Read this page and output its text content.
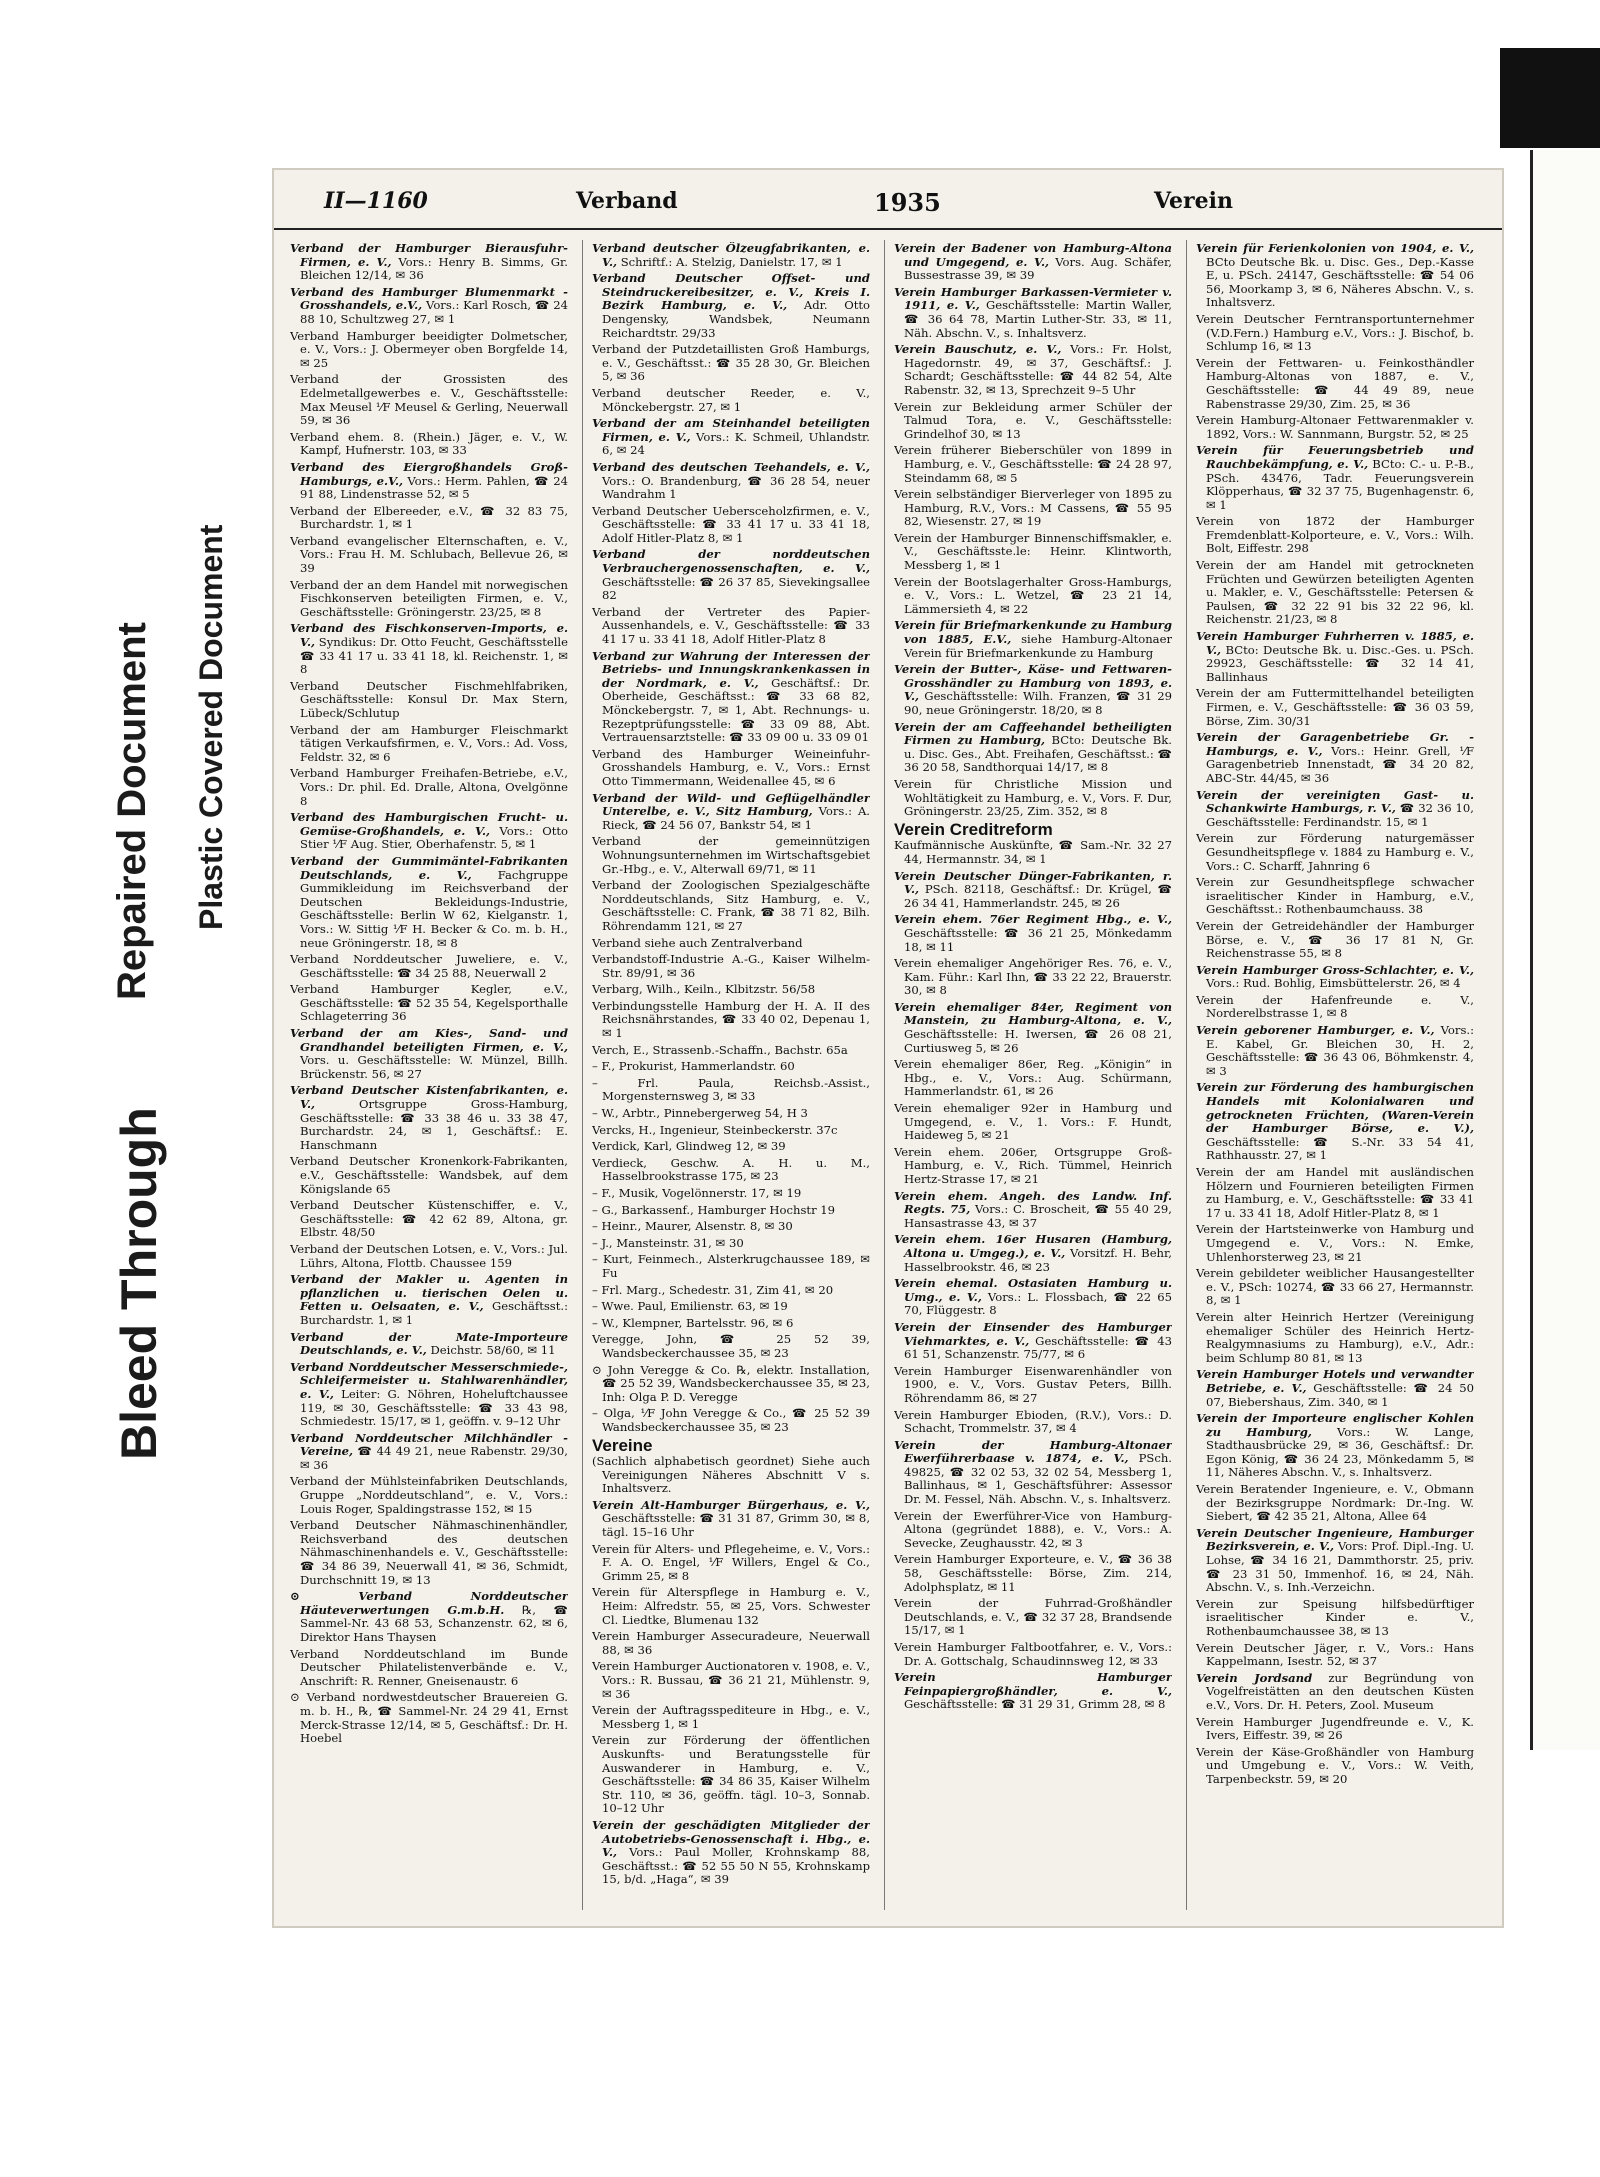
Bleed Through
Repaired Document Plastic Covered Document
II—1160	Verband	1935	Verein
Verband der Hamburger Bierausfuhr-Firmen, e. V., Vors.: Henry B. Simms, Gr. Bleichen 12/14, ✉ 36
Verband des Hamburger Blumenmarkt - Grosshandels, e.V., Vors.: Karl Rosch, ☎ 24 88 10, Schultzweg 27, ✉ 1
Verband Hamburger beeidigter Dolmetscher, e. V., Vors.: J. Obermeyer oben Borgfelde 14, ✉ 25
Verband der Grossisten des Edelmetallgewerbes e. V., Geschäftsstelle: Max Meusel ⅟F Meusel & Gerling, Neuerwall 59, ✉ 36
Verband ehem. 8. (Rhein.) Jäger, e. V., W. Kampf, Hufnerstr. 103, ✉ 33
Verband des Eiergroßhandels Groß-Hamburgs, e.V., Vors.: Herm. Pahlen, ☎ 24 91 88, Lindenstrasse 52, ✉ 5
Verband der Elbereeder, e.V., ☎ 32 83 75, Burchardstr. 1, ✉ 1
Verband evangelischer Elternschaften, e. V., Vors.: Frau H. M. Schlubach, Bellevue 26, ✉ 39
Verband der an dem Handel mit norwegischen Fischkonserven beteiligten Firmen, e. V., Geschäftsstelle: Gröningerstr. 23/25, ✉ 8
Verband des Fischkonserven-Imports, e. V., Syndikus: Dr. Otto Feucht, Geschäftsstelle ☎ 33 41 17 u. 33 41 18, kl. Reichenstr. 1, ✉ 8
Verband Deutscher Fischmehlfabriken, Geschäftsstelle: Konsul Dr. Max Stern, Lübeck/Schlutup
Verband der am Hamburger Fleischmarkt tätigen Verkaufsfirmen, e. V., Vors.: Ad. Voss, Feldstr. 32, ✉ 6
Verband Hamburger Freihafen-Betriebe, e.V., Vors.: Dr. phil. Ed. Dralle, Altona, Ovelgönne 8
Verband des Hamburgischen Frucht- u. Gemüse-Großhandels, e. V., Vors.: Otto Stier ⅟F Aug. Stier, Oberhafenstr. 5, ✉ 1
Verband der Gummimäntel-Fabrikanten Deutschlands, e. V., Fachgruppe Gummikleidung im Reichsverband der Deutschen Bekleidungs-Industrie, Geschäftsstelle: Berlin W 62, Kielganstr. 1, Vors.: W. Sittig ⅟F H. Becker & Co. m. b. H., neue Gröningerstr. 18, ✉ 8
Verband Norddeutscher Juweliere, e. V., Geschäftsstelle: ☎ 34 25 88, Neuerwall 2
Verband Hamburger Kegler, e.V., Geschäftsstelle: ☎ 52 35 54, Kegelsporthalle Schlageterring 36
Verband der am Kies-, Sand- und Grandhandel beteiligten Firmen, e. V., Vors. u. Geschäftsstelle: W. Münzel, Billh. Brückenstr. 56, ✉ 27
Verband Deutscher Kistenfabrikanten, e. V., Ortsgruppe Gross-Hamburg, Geschäftsstelle: ☎ 33 38 46 u. 33 38 47, Burchardstr. 24, ✉ 1, Geschäftsf.: E. Hanschmann
Verband Deutscher Kronenkork-Fabrikanten, e.V., Geschäftsstelle: Wandsbek, auf dem Königslande 65
Verband Deutscher Küstenschiffer, e. V., Geschäftsstelle: ☎ 42 62 89, Altona, gr. Elbstr. 48/50
Verband der Deutschen Lotsen, e. V., Vors.: Jul. Lührs, Altona, Flottb. Chaussee 159
Verband der Makler u. Agenten in pflanzlichen u. tierischen Oelen u. Fetten u. Oelsaaten, e. V., Geschäftsst.: Burchardstr. 1, ✉ 1
Verband der Mate-Importeure Deutschlands, e. V., Deichstr. 58/60, ✉ 11
Verband Norddeutscher Messerschmiede-, Schleifermeister u. Stahlwarenhändler, e. V., Leiter: G. Nöhren, Hoheluftchaussee 119, ✉ 30, Geschäftsstelle: ☎ 33 43 98, Schmiedestr. 15/17, ✉ 1, geöffn. v. 9–12 Uhr
Verband Norddeutscher Milchhändler - Vereine, ☎ 44 49 21, neue Rabenstr. 29/30, ✉ 36
Verband der Mühlsteinfabriken Deutschlands, Gruppe „Norddeutschland“, e. V., Vors.: Louis Roger, Spaldingstrasse 152, ✉ 15
Verband Deutscher Nähmaschinenhändler, Reichsverband des deutschen Nähmaschinenhandels e. V., Geschäftsstelle: ☎ 34 86 39, Neuerwall 41, ✉ 36, Schmidt, Durchschnitt 19, ✉ 13
⊙ Verband Norddeutscher Häuteverwertungen G.m.b.H. ℞, ☎ Sammel-Nr. 43 68 53, Schanzenstr. 62, ✉ 6, Direktor Hans Thaysen
Verband Norddeutschland im Bunde Deutscher Philatelistenverbände e. V., Anschrift: R. Renner, Gneisenaustr. 6
⊙ Verband nordwestdeutscher Brauereien G. m. b. H., ℞, ☎ Sammel-Nr. 24 29 41, Ernst Merck-Strasse 12/14, ✉ 5, Geschäftsf.: Dr. H. Hoebel
Verband deutscher Ölzeugfabrikanten, e. V., Schriftf.: A. Stelzig, Danielstr. 17, ✉ 1
Verband Deutscher Offset- und Steindruckereibesitzer, e. V., Kreis I. Bezirk Hamburg, e. V., Adr. Otto Dengensky, Wandsbek, Neumann Reichardtstr. 29/33
Verband der Putzdetaillisten Groß Hamburgs, e. V., Geschäftsst.: ☎ 35 28 30, Gr. Bleichen 5, ✉ 36
Verband deutscher Reeder, e. V., Mönckebergstr. 27, ✉ 1
Verband der am Steinhandel beteiligten Firmen, e. V., Vors.: K. Schmeil, Uhlandstr. 6, ✉ 24
Verband des deutschen Teehandels, e. V., Vors.: O. Brandenburg, ☎ 36 28 54, neuer Wandrahm 1
Verband Deutscher Uebersceholzfirmen, e. V., Geschäftsstelle: ☎ 33 41 17 u. 33 41 18, Adolf Hitler-Platz 8, ✉ 1
Verband der norddeutschen Verbrauchergenossenschaften, e. V., Geschäftsstelle: ☎ 26 37 85, Sievekingsallee 82
Verband der Vertreter des Papier-Aussenhandels, e. V., Geschäftsstelle: ☎ 33 41 17 u. 33 41 18, Adolf Hitler-Platz 8
Verband zur Wahrung der Interessen der Betriebs- und Innungskrankenkassen in der Nordmark, e. V., Geschäftsf.: Dr. Oberheide, Geschäftsst.: ☎ 33 68 82, Mönckebergstr. 7, ✉ 1, Abt. Rechnungs- u. Rezeptprüfungsstelle: ☎ 33 09 88, Abt. Vertrauensarztstelle: ☎ 33 09 00 u. 33 09 01
Verband des Hamburger Weineinfuhr-Grosshandels Hamburg, e. V., Vors.: Ernst Otto Timmermann, Weidenallee 45, ✉ 6
Verband der Wild- und Geflügelhändler Unterelbe, e. V., Sitz Hamburg, Vors.: A. Rieck, ☎ 24 56 07, Bankstr 54, ✉ 1
Verband der gemeinnützigen Wohnungsunternehmen im Wirtschaftsgebiet Gr.-Hbg., e. V., Alterwall 69/71, ✉ 11
Verband der Zoologischen Spezialgeschäfte Norddeutschlands, Sitz Hamburg, e. V., Geschäftsstelle: C. Frank, ☎ 38 71 82, Bilh. Röhrendamm 121, ✉ 27
Verband siehe auch Zentralverband
Verbandstoff-Industrie A.-G., Kaiser Wilhelm-Str. 89/91, ✉ 36
Verbarg, Wilh., Keiln., Klbitzstr. 56/58
Verbindungsstelle Hamburg der H. A. II des Reichsnährstandes, ☎ 33 40 02, Depenau 1, ✉ 1
Verch, E., Strassenb.-Schaffn., Bachstr. 65a
– F., Prokurist, Hammerlandstr. 60
– Frl. Paula, Reichsb.-Assist., Morgensternsweg 3, ✉ 33
– W., Arbtr., Pinnebergerweg 54, H 3
Vercks, H., Ingenieur, Steinbeckerstr. 37c
Verdick, Karl, Glindweg 12, ✉ 39
Verdieck, Geschw. A. H. u. M., Hasselbrookstrasse 175, ✉ 23
– F., Musik, Vogelönnerstr. 17, ✉ 19
– G., Barkassenf., Hamburger Hochstr 19
– Heinr., Maurer, Alsenstr. 8, ✉ 30
– J., Mansteinstr. 31, ✉ 30
– Kurt, Feinmech., Alsterkrugchaussee 189, ✉ Fu
– Frl. Marg., Schedestr. 31, Zim 41, ✉ 20
– Wwe. Paul, Emilienstr. 63, ✉ 19
– W., Klempner, Bartelsstr. 96, ✉ 6
Veregge, John, ☎ 25 52 39, Wandsbeckerchaussee 35, ✉ 23
⊙ John Veregge & Co. ℞, elektr. Installation, ☎ 25 52 39, Wandsbeckerchaussee 35, ✉ 23, Inh: Olga P. D. Veregge
– Olga, ⅟F John Veregge & Co., ☎ 25 52 39 Wandsbeckerchaussee 35, ✉ 23
Vereine
(Sachlich alphabetisch geordnet) Siehe auch Vereinigungen Näheres Abschnitt V s. Inhaltsverz.
Verein Alt-Hamburger Bürgerhaus, e. V., Geschäftsstelle: ☎ 31 31 87, Grimm 30, ✉ 8, tägl. 15–16 Uhr
Verein für Alters- und Pflegeheime, e. V., Vors.: F. A. O. Engel, ⅟F Willers, Engel & Co., Grimm 25, ✉ 8
Verein für Alterspflege in Hamburg e. V., Heim: Alfredstr. 55, ✉ 25, Vors. Schwester Cl. Liedtke, Blumenau 132
Verein Hamburger Assecuradeure, Neuerwall 88, ✉ 36
Verein Hamburger Auctionatoren v. 1908, e. V., Vors.: R. Bussau, ☎ 36 21 21, Mühlenstr. 9, ✉ 36
Verein der Auftragsspediteure in Hbg., e. V., Messberg 1, ✉ 1
Verein zur Förderung der öffentlichen Auskunfts- und Beratungsstelle für Auswanderer in Hamburg, e. V., Geschäftsstelle: ☎ 34 86 35, Kaiser Wilhelm Str. 110, ✉ 36, geöffn. tägl. 10–3, Sonnab. 10–12 Uhr
Verein der geschädigten Mitglieder der Autobetriebs-Genossenschaft i. Hbg., e. V., Vors.: Paul Moller, Krohnskamp 88, Geschäftsst.: ☎ 52 55 50 N 55, Krohnskamp 15, b/d. „Haga“, ✉ 39
Verein der Badener von Hamburg-Altona und Umgegend, e. V., Vors. Aug. Schäfer, Bussestrasse 39, ✉ 39
Verein Hamburger Barkassen-Vermieter v. 1911, e. V., Geschäftsstelle: Martin Waller, ☎ 36 64 78, Martin Luther-Str. 33, ✉ 11, Näh. Abschn. V., s. Inhaltsverz.
Verein Bauschutz, e. V., Vors.: Fr. Holst, Hagedornstr. 49, ✉ 37, Geschäftsf.: J. Schardt; Geschäftsstelle: ☎ 44 82 54, Alte Rabenstr. 32, ✉ 13, Sprechzeit 9–5 Uhr
Verein zur Bekleidung armer Schüler der Talmud Tora, e. V., Geschäftsstelle: Grindelhof 30, ✉ 13
Verein früherer Bieberschüler von 1899 in Hamburg, e. V., Geschäftsstelle: ☎ 24 28 97, Steindamm 68, ✉ 5
Verein selbständiger Bierverleger von 1895 zu Hamburg, R.V., Vors.: M Cassens, ☎ 55 95 82, Wiesenstr. 27, ✉ 19
Verein der Hamburger Binnenschiffsmakler, e. V., Geschäftsste.le: Heinr. Klintworth, Messberg 1, ✉ 1
Verein der Bootslagerhalter Gross-Hamburgs, e. V., Vors.: L. Wetzel, ☎ 23 21 14, Lämmersieth 4, ✉ 22
Verein für Briefmarkenkunde zu Hamburg von 1885, E.V., siehe Hamburg-Altonaer Verein für Briefmarkenkunde zu Hamburg
Verein der Butter-, Käse- und Fettwaren-Grosshändler zu Hamburg von 1893, e. V., Geschäftsstelle: Wilh. Franzen, ☎ 31 29 90, neue Gröningerstr. 18/20, ✉ 8
Verein der am Caffeehandel betheiligten Firmen zu Hamburg, BCto: Deutsche Bk. u. Disc. Ges., Abt. Freihafen, Geschäftsst.: ☎ 36 20 58, Sandthorquai 14/17, ✉ 8
Verein für Christliche Mission und Wohltätigkeit zu Hamburg, e. V., Vors. F. Dur, Gröningerstr. 23/25, Zim. 352, ✉ 8
Verein Creditreform
Kaufmännische Auskünfte, ☎ Sam.-Nr. 32 27 44, Hermannstr. 34, ✉ 1
Verein Deutscher Dünger-Fabrikanten, r. V., PSch. 82118, Geschäftsf.: Dr. Krügel, ☎ 26 34 41, Hammerlandstr. 245, ✉ 26
Verein ehem. 76er Regiment Hbg., e. V., Geschäftsstelle: ☎ 36 21 25, Mönkedamm 18, ✉ 11
Verein ehemaliger Angehöriger Res. 76, e. V., Kam. Führ.: Karl Ihn, ☎ 33 22 22, Brauerstr. 30, ✉ 8
Verein ehemaliger 84er, Regiment von Manstein, zu Hamburg-Altona, e. V., Geschäftsstelle: H. Iwersen, ☎ 26 08 21, Curtiusweg 5, ✉ 26
Verein ehemaliger 86er, Reg. „Königin“ in Hbg., e. V., Vors.: Aug. Schürmann, Hammerlandstr. 61, ✉ 26
Verein ehemaliger 92er in Hamburg und Umgegend, e. V., 1. Vors.: F. Hundt, Haideweg 5, ✉ 21
Verein ehem. 206er, Ortsgruppe Groß-Hamburg, e. V., Rich. Tümmel, Heinrich Hertz-Strasse 17, ✉ 21
Verein ehem. Angeh. des Landw. Inf. Regts. 75, Vors.: C. Broscheit, ☎ 55 40 29, Hansastrasse 43, ✉ 37
Verein ehem. 16er Husaren (Hamburg, Altona u. Umgeg.), e. V., Vorsitzf. H. Behr, Hasselbrookstr. 46, ✉ 23
Verein ehemal. Ostasiaten Hamburg u. Umg., e. V., Vors.: L. Flossbach, ☎ 22 65 70, Flüggestr. 8
Verein der Einsender des Hamburger Viehmarktes, e. V., Geschäftsstelle: ☎ 43 61 51, Schanzenstr. 75/77, ✉ 6
Verein Hamburger Eisenwarenhändler von 1900, e. V., Vors. Gustav Peters, Billh. Röhrendamm 86, ✉ 27
Verein Hamburger Ebioden, (R.V.), Vors.: D. Schacht, Trommelstr. 37, ✉ 4
Verein der Hamburg-Altonaer Ewerführerbaase v. 1874, e. V., PSch. 49825, ☎ 32 02 53, 32 02 54, Messberg 1, Ballinhaus, ✉ 1, Geschäftsführer: Assessor Dr. M. Fessel, Näh. Abschn. V., s. Inhaltsverz.
Verein der Ewerführer-Vice von Hamburg-Altona (gegründet 1888), e. V., Vors.: A. Sevecke, Zeughausstr. 42, ✉ 3
Verein Hamburger Exporteure, e. V., ☎ 36 38 58, Geschäftsstelle: Börse, Zim. 214, Adolphsplatz, ✉ 11
Verein der Fuhrrad-Großhändler Deutschlands, e. V., ☎ 32 37 28, Brandsende 15/17, ✉ 1
Verein Hamburger Faltbootfahrer, e. V., Vors.: Dr. A. Gottschalg, Schaudinnsweg 12, ✉ 33
Verein Hamburger Feinpapiergroßhändler, e. V., Geschäftsstelle: ☎ 31 29 31, Grimm 28, ✉ 8
Verein für Ferienkolonien von 1904, e. V., BCto Deutsche Bk. u. Disc. Ges., Dep.-Kasse E, u. PSch. 24147, Geschäftsstelle: ☎ 54 06 56, Moorkamp 3, ✉ 6, Näheres Abschn. V., s. Inhaltsverz.
Verein Deutscher Ferntransportunternehmer (V.D.Fern.) Hamburg e.V., Vors.: J. Bischof, b. Schlump 16, ✉ 13
Verein der Fettwaren- u. Feinkosthändler Hamburg-Altonas von 1887, e. V., Geschäftsstelle: ☎ 44 49 89, neue Rabenstrasse 29/30, Zim. 25, ✉ 36
Verein Hamburg-Altonaer Fettwarenmakler v. 1892, Vors.: W. Sannmann, Burgstr. 52, ✉ 25
Verein für Feuerungsbetrieb und Rauchbekämpfung, e. V., BCto: C.- u. P.-B., PSch. 43476, Tadr. Feuerungsverein Klöpperhaus, ☎ 32 37 75, Bugenhagenstr. 6, ✉ 1
Verein von 1872 der Hamburger Fremdenblatt-Kolporteure, e. V., Vors.: Wilh. Bolt, Eiffestr. 298
Verein der am Handel mit getrockneten Früchten und Gewürzen beteiligten Agenten u. Makler, e. V., Geschäftsstelle: Petersen & Paulsen, ☎ 32 22 91 bis 32 22 96, kl. Reichenstr. 21/23, ✉ 8
Verein Hamburger Fuhrherren v. 1885, e. V., BCto: Deutsche Bk. u. Disc.-Ges. u. PSch. 29923, Geschäftsstelle: ☎ 32 14 41, Ballinhaus
Verein der am Futtermittelhandel beteiligten Firmen, e. V., Geschäftsstelle: ☎ 36 03 59, Börse, Zim. 30/31
Verein der Garagenbetriebe Gr. - Hamburgs, e. V., Vors.: Heinr. Grell, ⅟F Garagenbetrieb Innenstadt, ☎ 34 20 82, ABC-Str. 44/45, ✉ 36
Verein der vereinigten Gast- u. Schankwirte Hamburgs, r. V., ☎ 32 36 10, Geschäftsstelle: Ferdinandstr. 15, ✉ 1
Verein zur Förderung naturgemässer Gesundheitspflege v. 1884 zu Hamburg e. V., Vors.: C. Scharff, Jahnring 6
Verein zur Gesundheitspflege schwacher israelitischer Kinder in Hamburg, e.V., Geschäftsst.: Rothenbaumchauss. 38
Verein der Getreidehändler der Hamburger Börse, e. V., ☎ 36 17 81 N, Gr. Reichenstrasse 55, ✉ 8
Verein Hamburger Gross-Schlachter, e. V., Vors.: Rud. Bohlig, Eimsbüttelerstr. 26, ✉ 4
Verein der Hafenfreunde e. V., Norderelbstrasse 1, ✉ 8
Verein geborener Hamburger, e. V., Vors.: E. Kabel, Gr. Bleichen 30, H. 2, Geschäftsstelle: ☎ 36 43 06, Böhmkenstr. 4, ✉ 3
Verein zur Förderung des hamburgischen Handels mit Kolonialwaren und getrockneten Früchten, (Waren-Verein der Hamburger Börse, e. V.), Geschäftsstelle: ☎ S.-Nr. 33 54 41, Rathhausstr. 27, ✉ 1
Verein der am Handel mit ausländischen Hölzern und Fournieren beteiligten Firmen zu Hamburg, e. V., Geschäftsstelle: ☎ 33 41 17 u. 33 41 18, Adolf Hitler-Platz 8, ✉ 1
Verein der Hartsteinwerke von Hamburg und Umgegend e. V., Vors.: N. Emke, Uhlenhorsterweg 23, ✉ 21
Verein gebildeter weiblicher Hausangestellter e. V., PSch: 10274, ☎ 33 66 27, Hermannstr. 8, ✉ 1
Verein alter Heinrich Hertzer (Vereinigung ehemaliger Schüler des Heinrich Hertz-Realgymnasiums zu Hamburg), e.V., Adr.: beim Schlump 80 81, ✉ 13
Verein Hamburger Hotels und verwandter Betriebe, e. V., Geschäftsstelle: ☎ 24 50 07, Biebershaus, Zim. 340, ✉ 1
Verein der Importeure englischer Kohlen zu Hamburg, Vors.: W. Lange, Stadthausbrücke 29, ✉ 36, Geschäftsf.: Dr. Egon König, ☎ 36 24 23, Mönkedamm 5, ✉ 11, Näheres Abschn. V., s. Inhaltsverz.
Verein Beratender Ingenieure, e. V., Obmann der Bezirksgruppe Nordmark: Dr.-Ing. W. Siebert, ☎ 42 35 21, Altona, Allee 64
Verein Deutscher Ingenieure, Hamburger Bezirksverein, e. V., Vors: Prof. Dipl.-Ing. U. Lohse, ☎ 34 16 21, Dammthorstr. 25, priv. ☎ 23 31 50, Immenhof. 16, ✉ 24, Näh. Abschn. V., s. Inh.-Verzeichn.
Verein zur Speisung hilfsbedürftiger israelitischer Kinder e. V., Rothenbaumchaussee 38, ✉ 13
Verein Deutscher Jäger, r. V., Vors.: Hans Kappelmann, Isestr. 52, ✉ 37
Verein Jordsand zur Begründung von Vogelfreistätten an den deutschen Küsten e.V., Vors. Dr. H. Peters, Zool. Museum
Verein Hamburger Jugendfreunde e. V., K. Ivers, Eiffestr. 39, ✉ 26
Verein der Käse-Großhändler von Hamburg und Umgebung e. V., Vors.: W. Veith, Tarpenbeckstr. 59, ✉ 20
